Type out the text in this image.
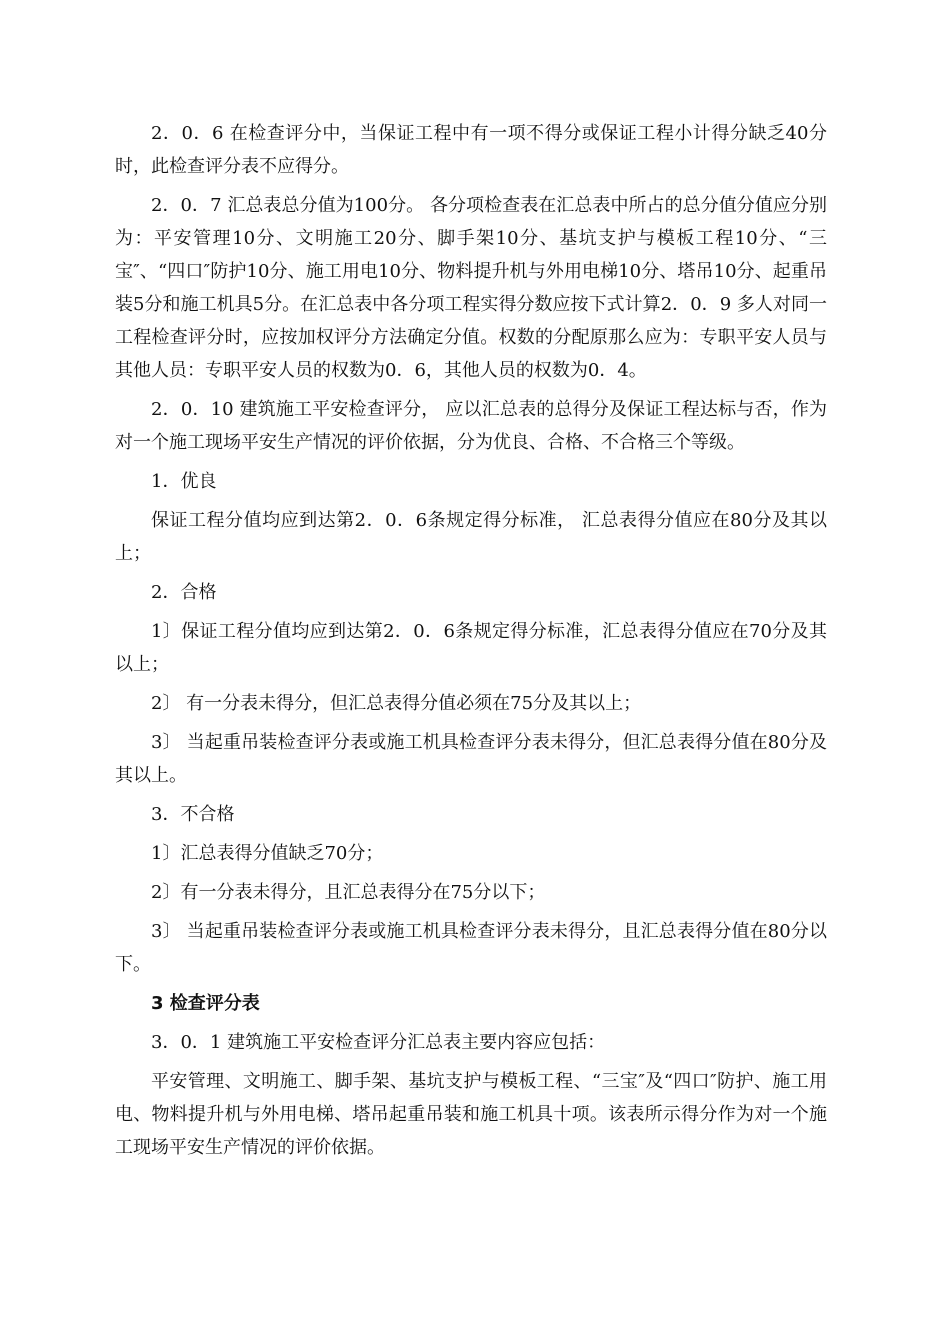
2．0．6 在检查评分中，当保证工程中有一项不得分或保证工程小计得分缺乏40分时，此检查评分表不应得分。

2．0．7 汇总表总分值为100分。 各分项检查表在汇总表中所占的总分值分值应分别为：平安管理10分、文明施工20分、脚手架10分、基坑支护与模板工程10分、“三宝″、“四口″防护10分、施工用电10分、物料提升机与外用电梯10分、塔吊10分、起重吊装5分和施工机具5分。在汇总表中各分项工程实得分数应按下式计算2．0．9 多人对同一工程检查评分时，应按加权评分方法确定分值。权数的分配原那么应为：专职平安人员与其他人员：专职平安人员的权数为0．6，其他人员的权数为0．4。

2．0．10 建筑施工平安检查评分， 应以汇总表的总得分及保证工程达标与否，作为对一个施工现场平安生产情况的评价依据，分为优良、合格、不合格三个等级。

1．优良

保证工程分值均应到达第2．0．6条规定得分标准， 汇总表得分值应在80分及其以上；

2．合格

1〕保证工程分值均应到达第2．0．6条规定得分标准，汇总表得分值应在70分及其以上；

2〕 有一分表未得分，但汇总表得分值必须在75分及其以上；

3〕 当起重吊装检查评分表或施工机具检查评分表未得分，但汇总表得分值在80分及其以上。

3．不合格

1〕汇总表得分值缺乏70分；

2〕有一分表未得分，且汇总表得分在75分以下；

3〕 当起重吊装检查评分表或施工机具检查评分表未得分，且汇总表得分值在80分以下。

3 检查评分表

3．0．1 建筑施工平安检查评分汇总表主要内容应包括：

平安管理、文明施工、脚手架、基坑支护与模板工程、“三宝″及“四口″防护、施工用电、物料提升机与外用电梯、塔吊起重吊装和施工机具十项。该表所示得分作为对一个施工现场平安生产情况的评价依据。
